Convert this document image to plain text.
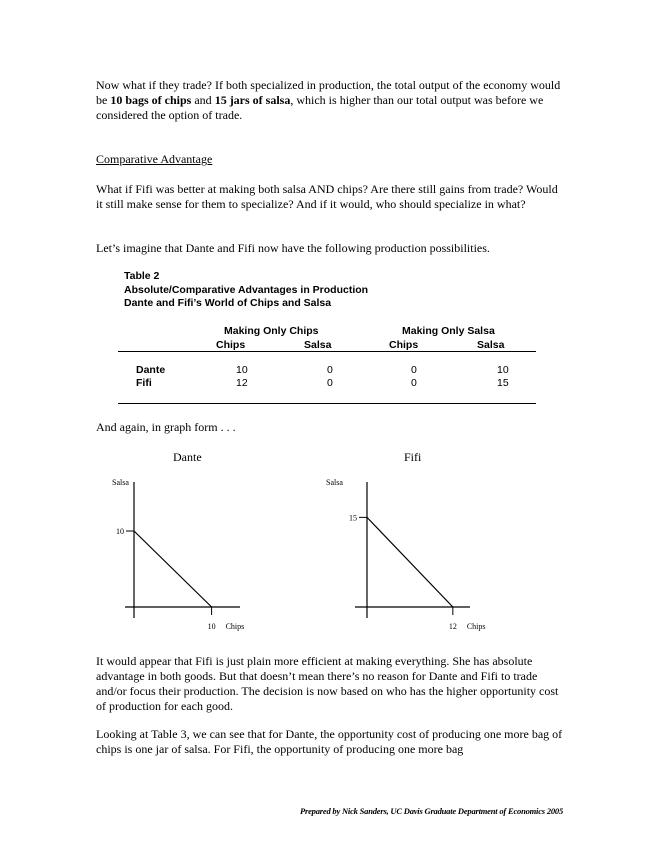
Now what if they trade? If both specialized in production, the total output of the economy would be 10 bags of chips and 15 jars of salsa, which is higher than our total output was before we considered the option of trade.

Comparative Advantage

What if Fifi was better at making both salsa AND chips? Are there still gains from trade? Would it still make sense for them to specialize? And if it would, who should specialize in what?

Let’s imagine that Dante and Fifi now have the following production possibilities.

Table 2
Absolute/Comparative Advantages in Production
Dante and Fifi’s World of Chips and Salsa
Making Only Chips	Making Only Salsa
Chips	Salsa	Chips	Salsa
Dante	10	0	0	10
Fifi	12	0	0	15

And again, in graph form . . .

Dante
Salsa
10
10 Chips
Fifi
Salsa
15
12 Chips

It would appear that Fifi is just plain more efficient at making everything. She has absolute advantage in both goods. But that doesn’t mean there’s no reason for Dante and Fifi to trade and/or focus their production. The decision is now based on who has the higher opportunity cost of production for each good.

Looking at Table 3, we can see that for Dante, the opportunity cost of producing one more bag of chips is one jar of salsa. For Fifi, the opportunity of producing one more bag

Prepared by Nick Sanders, UC Davis Graduate Department of Economics 2005
